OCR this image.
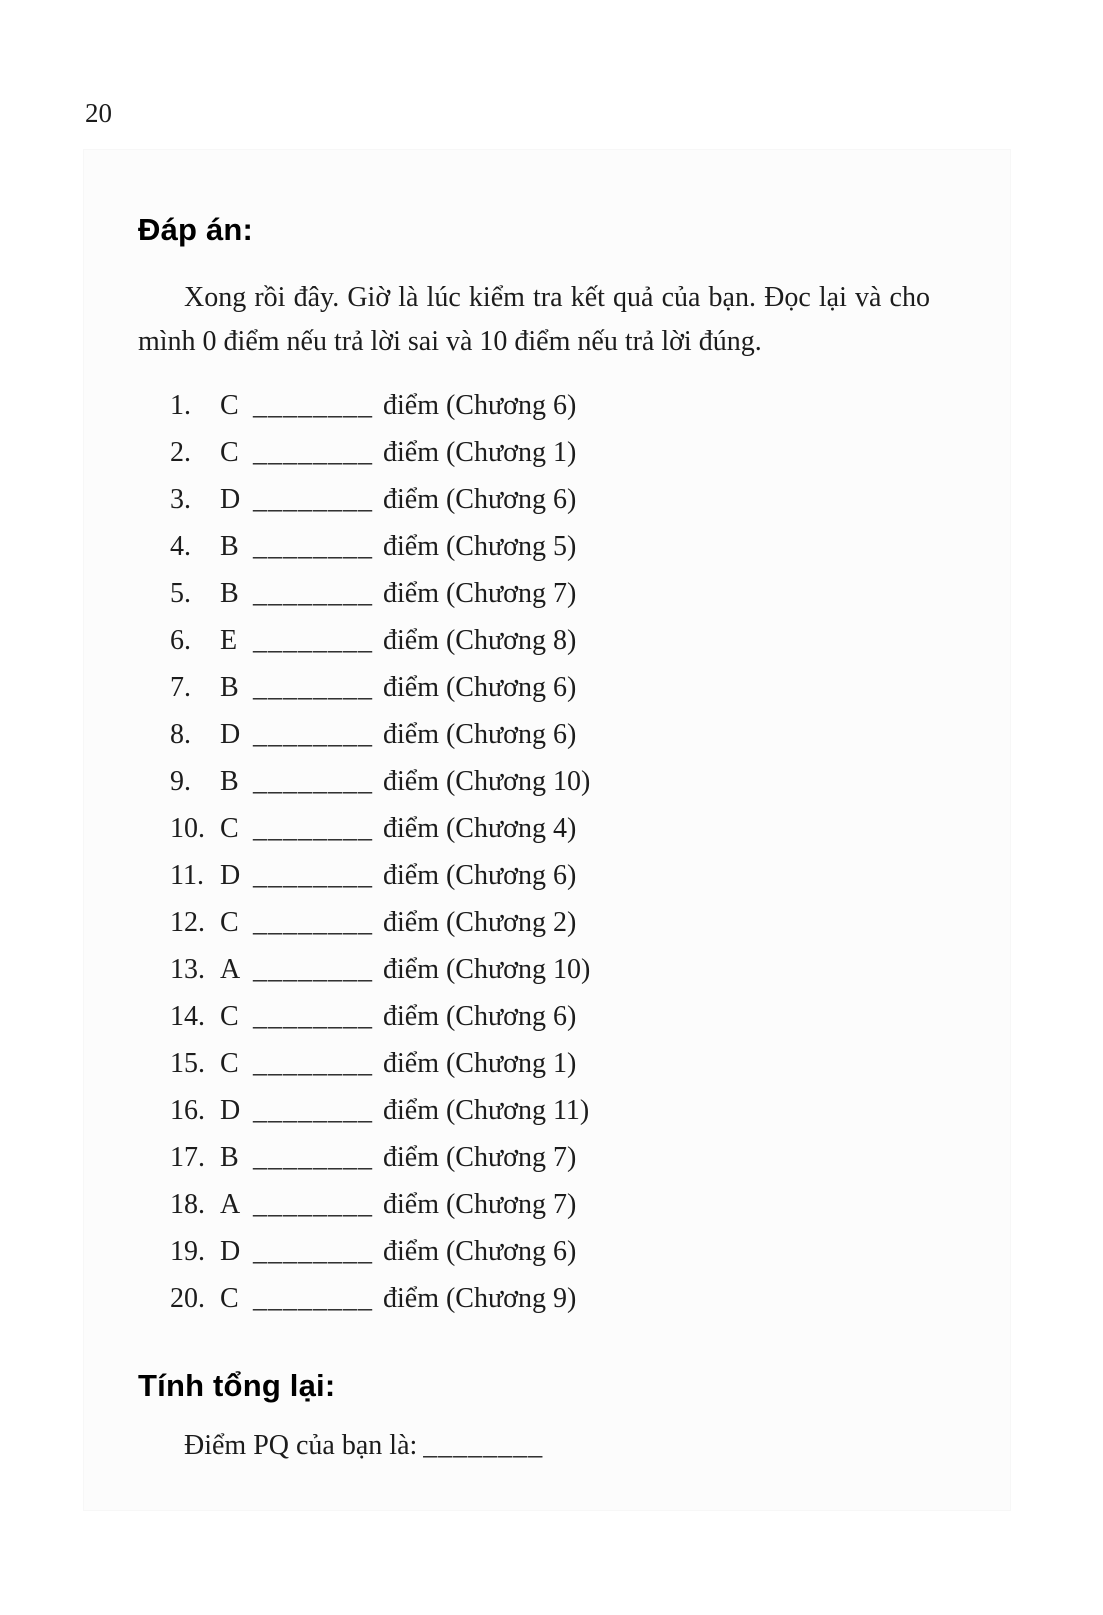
20
Đáp án:

Xong rồi đây. Giờ là lúc kiểm tra kết quả của bạn. Đọc lại và cho mình 0 điểm nếu trả lời sai và 10 điểm nếu trả lời đúng.

1. C ________ điểm (Chương 6)
2. C ________ điểm (Chương 1)
3. D ________ điểm (Chương 6)
4. B ________ điểm (Chương 5)
5. B ________ điểm (Chương 7)
6. E ________ điểm (Chương 8)
7. B ________ điểm (Chương 6)
8. D ________ điểm (Chương 6)
9. B ________ điểm (Chương 10)
10. C ________ điểm (Chương 4)
11. D ________ điểm (Chương 6)
12. C ________ điểm (Chương 2)
13. A ________ điểm (Chương 10)
14. C ________ điểm (Chương 6)
15. C ________ điểm (Chương 1)
16. D ________ điểm (Chương 11)
17. B ________ điểm (Chương 7)
18. A ________ điểm (Chương 7)
19. D ________ điểm (Chương 6)
20. C ________ điểm (Chương 9)
Tính tổng lại:

Điểm PQ của bạn là: ________
